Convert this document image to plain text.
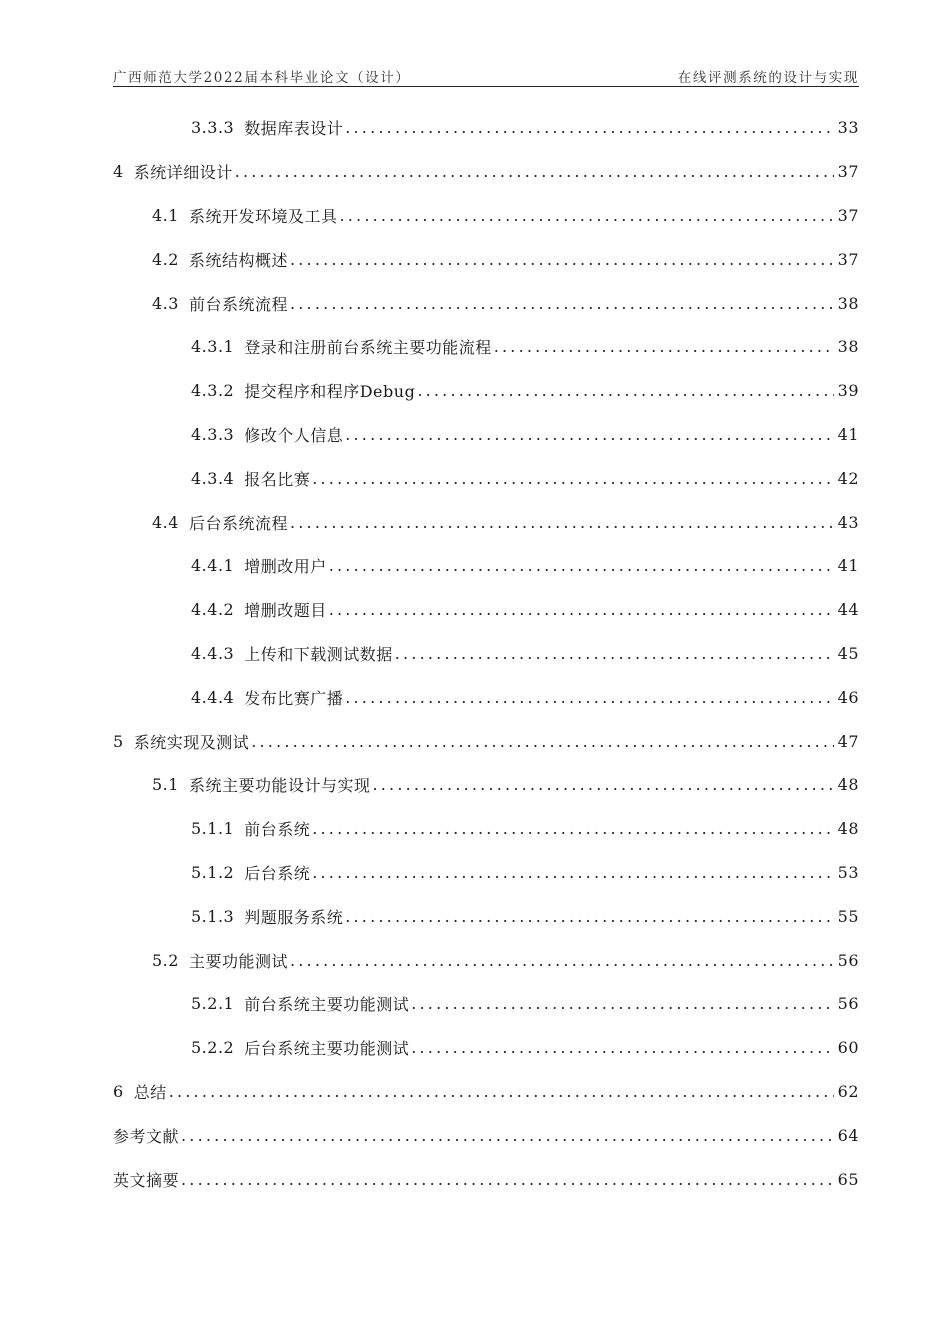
广西师范大学2022届本科毕业论文（设计）	在线评测系统的设计与实现
3.3.3 数据库表设计 .....	33
4 系统详细设计 .....	37
4.1 系统开发环境及工具 .....	37
4.2 系统结构概述 .....	37
4.3 前台系统流程 .....	38
4.3.1 登录和注册前台系统主要功能流程 .....	38
4.3.2 提交程序和程序Debug .....	39
4.3.3 修改个人信息 .....	41
4.3.4 报名比赛 .....	42
4.4 后台系统流程 .....	43
4.4.1 增删改用户 .....	41
4.4.2 增删改题目 .....	44
4.4.3 上传和下载测试数据 .....	45
4.4.4 发布比赛广播 .....	46
5 系统实现及测试 .....	47
5.1 系统主要功能设计与实现 .....	48
5.1.1 前台系统 .....	48
5.1.2 后台系统 .....	53
5.1.3 判题服务系统 .....	55
5.2 主要功能测试 .....	56
5.2.1 前台系统主要功能测试 .....	56
5.2.2 后台系统主要功能测试 .....	60
6 总结 .....	62
参考文献 .....	64
英文摘要 .....	65
